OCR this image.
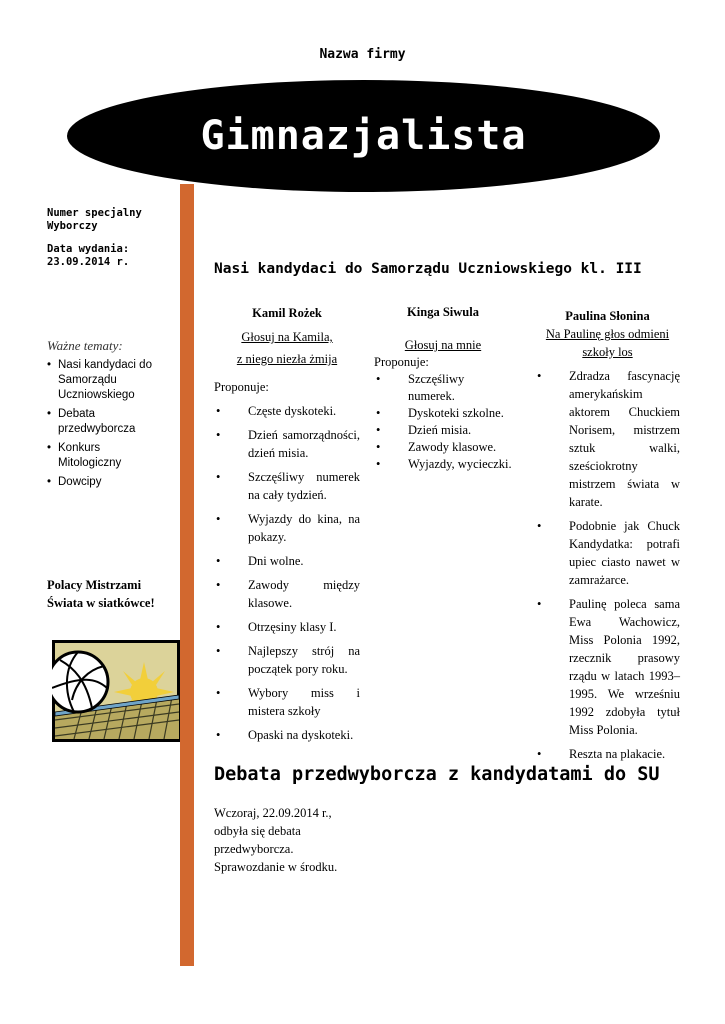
Nazwa firmy
Gimnazjalista
Numer specjalny
Wyborczy
Data wydania:
23.09.2014 r.
Ważne tematy:
• Nasi kandydaci do Samorządu Uczniowskiego
• Debata przedwyborcza
• Konkurs Mitologiczny
• Dowcipy
Polacy Mistrzami Świata w siatkówce!
Nasi kandydaci do Samorządu Uczniowskiego kl. III
Kamil Rożek
Głosuj na Kamila,
z niego niezła żmija
Proponuje:
• Częste dyskoteki.
• Dzień samorządności, dzień misia.
• Szczęśliwy numerek na cały tydzień.
• Wyjazdy do kina, na pokazy.
• Dni wolne.
• Zawody między klasowe.
• Otrzęsiny klasy I.
• Najlepszy strój na początek pory roku.
• Wybory miss i mistera szkoły
• Opaski na dyskoteki.
Kinga Siwula
Głosuj na mnie
Proponuje:
• Szczęśliwy numerek.
• Dyskoteki szkolne.
• Dzień misia.
• Zawody klasowe.
• Wyjazdy, wycieczki.
Paulina Słonina
Na Paulinę głos odmieni szkoły los
• Zdradza fascynację amerykańskim aktorem Chuckiem Norisem, mistrzem sztuk walki, sześciokrotny mistrzem świata w karate.
• Podobnie jak Chuck Kandydatka: potrafi upiec ciasto nawet w zamrażarce.
• Paulinę poleca sama Ewa Wachowicz, Miss Polonia 1992, rzecznik prasowy rządu w latach 1993–1995. We wrześniu 1992 zdobyła tytuł Miss Polonia.
• Reszta na plakacie.
Debata przedwyborcza z kandydatami do SU
Wczoraj, 22.09.2014 r., odbyła się debata przedwyborcza. Sprawozdanie w środku.
